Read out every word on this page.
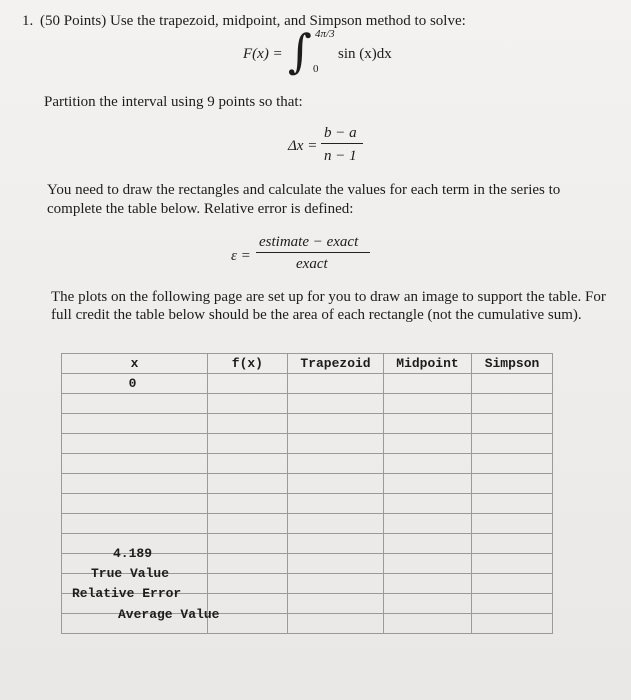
1. (50 Points) Use the trapezoid, midpoint, and Simpson method to solve:
F(x) = ∫ 4π/3
0
sin (x)dx
Partition the interval using 9 points so that:
Δx =
b − a
n − 1
You need to draw the rectangles and calculate the values for each term in the series to
complete the table below. Relative error is defined:
ε =
estimate − exact
exact
The plots on the following page are set up for you to draw an image to support the table. For
full credit the table below should be the area of each rectangle (not the cumulative sum).
x	f(x)	Trapezoid	Midpoint	Simpson
0				

4.189
True Value
Relative Error
Average Value
